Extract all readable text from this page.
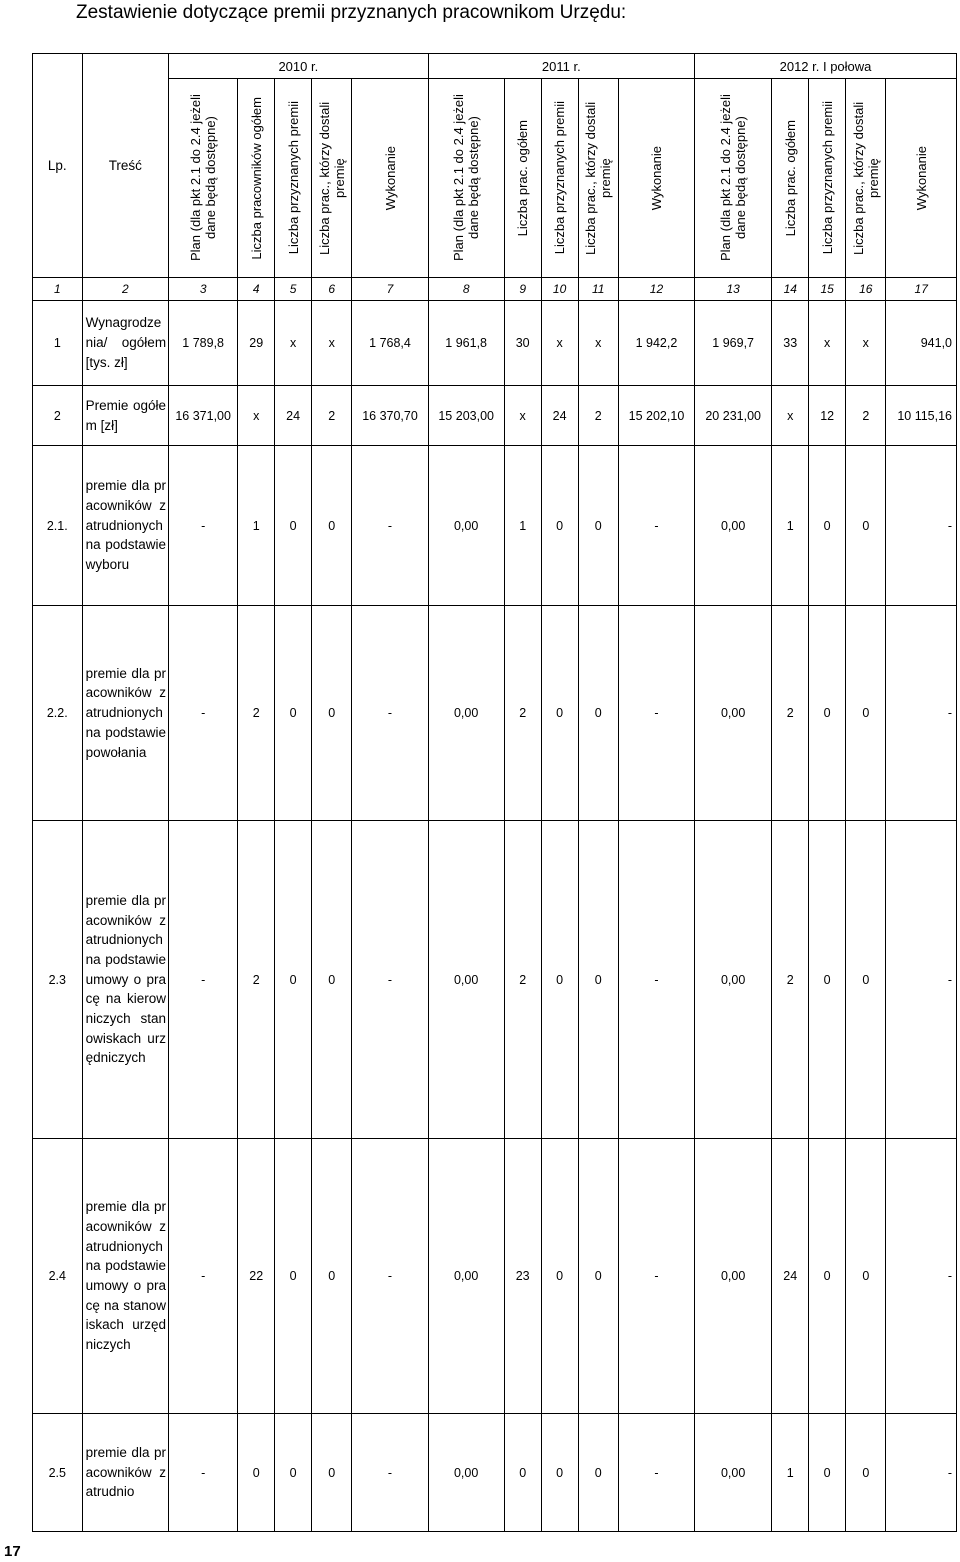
Zestawienie dotyczące premii przyznanych pracownikom Urzędu:
Lp.	Treść	2010 r.					2011 r.					2012 r. I połowa				

		Plan (dla pkt 2.1 do 2.4 jeżeli dane będą dostępne)	Liczba pracowników ogółem	Liczba przyznanych premii	Liczba prac., którzy dostali premię	Wykonanie	Plan (dla pkt 2.1 do 2.4 jeżeli dane będą dostępne)	Liczba prac. ogółem	Liczba przyznanych premii	Liczba prac., którzy dostali premię	Wykonanie	Plan (dla pkt 2.1 do 2.4 jeżeli dane będą dostępne)	Liczba prac. ogółem	Liczba przyznanych premii	Liczba prac., którzy dostali premię	Wykonanie

1	2	3	4	5	6	7	8	9	10	11	12	13	14	15	16	17
1	Wynagrodzenia/ ogółem [tys. zł]	1 789,8	29	x	x	1 768,4	1 961,8	30	x	x	1 942,2	1 969,7	33	x	x	941,0
2	Premie ogółem [zł]	16 371,00	x	24	2	16 370,70	15 203,00	x	24	2	15 202,10	20 231,00	x	12	2	10 115,16
2.1.	premie dla pracowników zatrudnionych na podstawie wyboru	-	1	0	0	-	0,00	1	0	0	-	0,00	1	0	0	-
2.2.	premie dla pracowników zatrudnionych na podstawie powołania	-	2	0	0	-	0,00	2	0	0	-	0,00	2	0	0	-
2.3	premie dla pracowników zatrudnionych na podstawie umowy o pracę na kierowniczych stanowiskach urzędniczych	-	2	0	0	-	0,00	2	0	0	-	0,00	2	0	0	-
2.4	premie dla pracowników zatrudnionych na podstawie umowy o pracę na stanowiskach urzędniczych	-	22	0	0	-	0,00	23	0	0	-	0,00	24	0	0	-
2.5	premie dla pracowników zatrudnio	-	0	0	0	-	0,00	0	0	0	-	0,00	1	0	0	-
17
